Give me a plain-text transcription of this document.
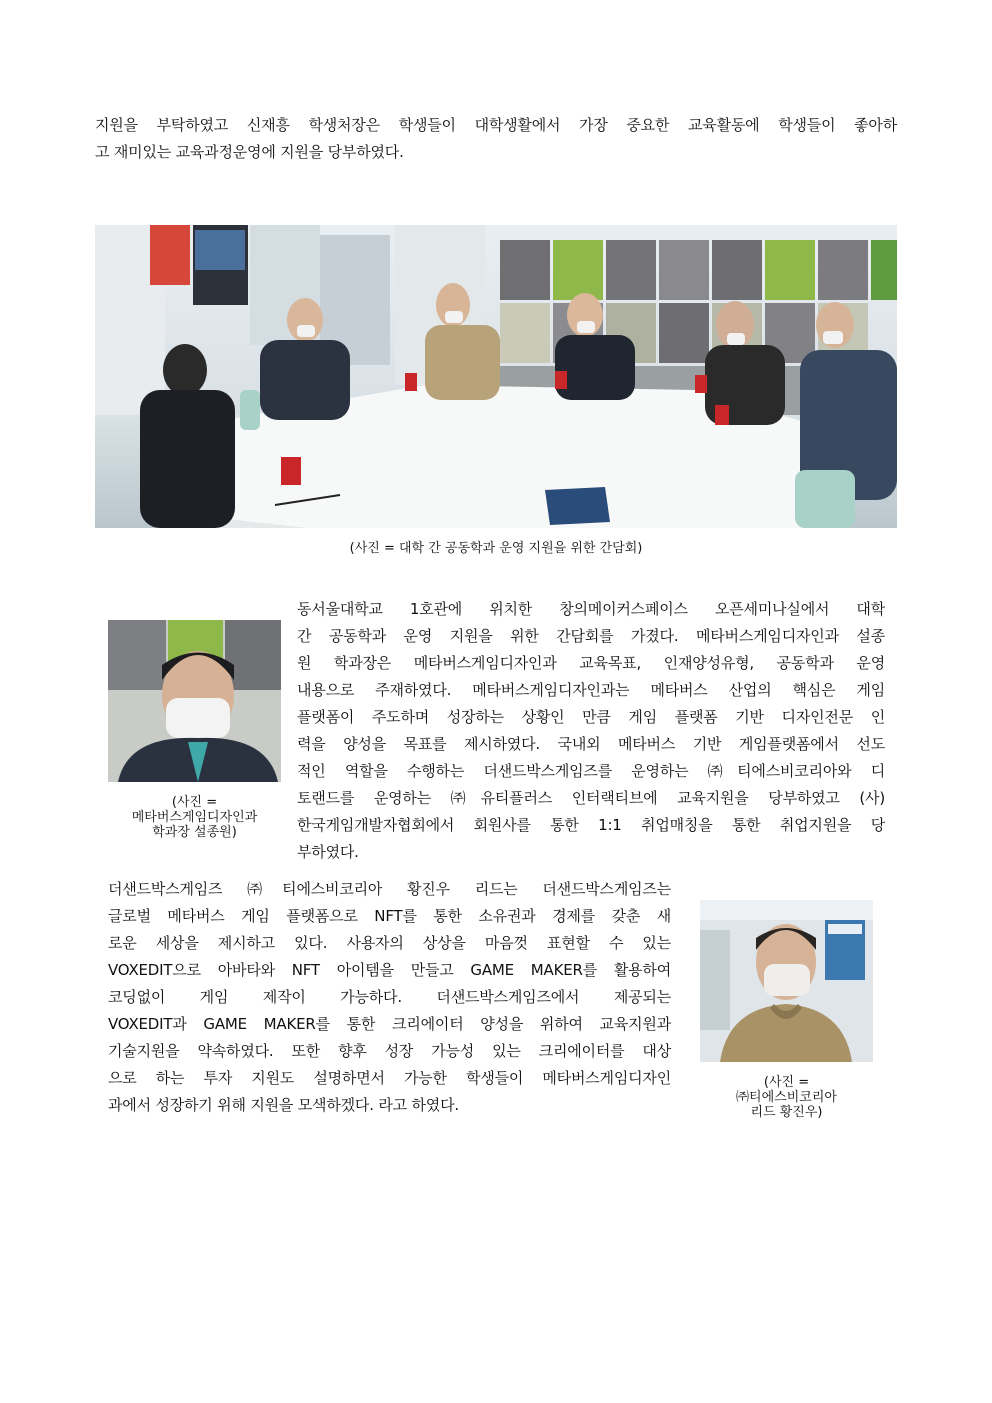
지원을 부탁하였고 신재흥 학생처장은 학생들이 대학생활에서 가장 중요한 교육활동에 학생들이 좋아하
고 재미있는 교육과정운영에 지원을 당부하였다.

(사진 = 대학 간 공동학과 운영 지원을 위한 간담회)

(사진 =
메타버스게임디자인과
학과장 설종원)

동서울대학교 1호관에 위치한 창의메이커스페이스 오픈세미나실에서 대학
간 공동학과 운영 지원을 위한 간담회를 가졌다. 메타버스게임디자인과 설종
원 학과장은 메타버스게임디자인과 교육목표, 인재양성유형, 공동학과 운영
내용으로 주재하였다. 메타버스게임디자인과는 메타버스 산업의 핵심은 게임
플랫폼이 주도하며 성장하는 상황인 만큼 게임 플랫폼 기반 디자인전문 인
력을 양성을 목표를 제시하였다. 국내외 메타버스 기반 게임플랫폼에서 선도
적인 역할을 수행하는 더샌드박스게임즈를 운영하는 ㈜티에스비코리아와 디
토랜드를 운영하는 ㈜유티플러스 인터랙티브에 교육지원을 당부하였고 (사)
한국게임개발자협회에서 회원사를 통한 1:1 취업매칭을 통한 취업지원을 당
부하였다.

더샌드박스게임즈 ㈜티에스비코리아 황진우 리드는 더샌드박스게임즈는
글로벌 메타버스 게임 플랫폼으로 NFT를 통한 소유권과 경제를 갖춘 새
로운 세상을 제시하고 있다. 사용자의 상상을 마음껏 표현할 수 있는
VOXEDIT으로 아바타와 NFT 아이템을 만들고 GAME MAKER를 활용하여
코딩없이 게임 제작이 가능하다. 더샌드박스게임즈에서 제공되는
VOXEDIT과 GAME MAKER를 통한 크리에이터 양성을 위하여 교육지원과
기술지원을 약속하였다. 또한 향후 성장 가능성 있는 크리에이터를 대상
으로 하는 투자 지원도 설명하면서 가능한 학생들이 메타버스게임디자인
과에서 성장하기 위해 지원을 모색하겠다. 라고 하였다.

(사진 =
㈜티에스비코리아
리드 황진우)
